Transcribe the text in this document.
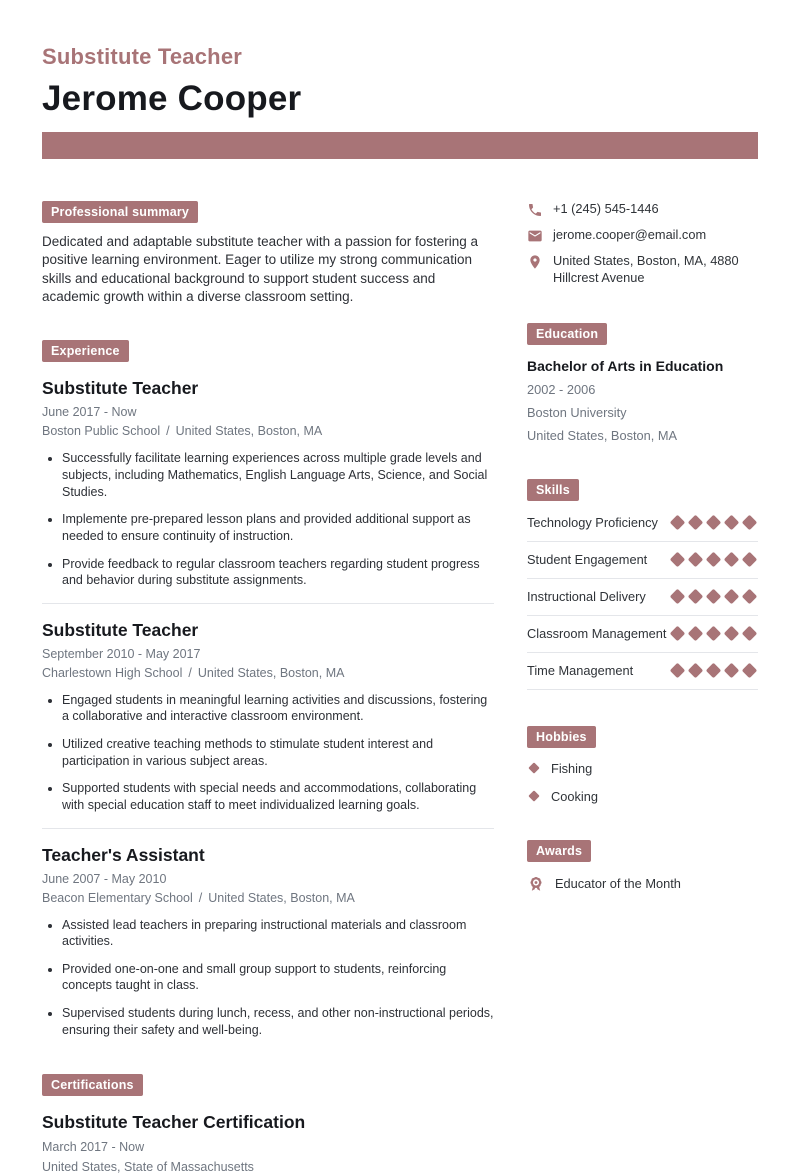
Substitute Teacher
Jerome Cooper
Professional summary

Dedicated and adaptable substitute teacher with a passion for fostering a positive learning environment. Eager to utilize my strong communication skills and educational background to support student success and academic growth within a diverse classroom setting.

Experience
Substitute Teacher
June 2017 - Now
Boston Public School / United States, Boston, MA
• Successfully facilitate learning experiences across multiple grade levels and subjects, including Mathematics, English Language Arts, Science, and Social Studies.
• Implemente pre-prepared lesson plans and provided additional support as needed to ensure continuity of instruction.
• Provide feedback to regular classroom teachers regarding student progress and behavior during substitute assignments.
Substitute Teacher
September 2010 - May 2017
Charlestown High School / United States, Boston, MA
• Engaged students in meaningful learning activities and discussions, fostering a collaborative and interactive classroom environment.
• Utilized creative teaching methods to stimulate student interest and participation in various subject areas.
• Supported students with special needs and accommodations, collaborating with special education staff to meet individualized learning goals.
Teacher's Assistant
June 2007 - May 2010
Beacon Elementary School / United States, Boston, MA
• Assisted lead teachers in preparing instructional materials and classroom activities.
• Provided one-on-one and small group support to students, reinforcing concepts taught in class.
• Supervised students during lunch, recess, and other non-instructional periods, ensuring their safety and well-being.
Certifications
Substitute Teacher Certification
March 2017 - Now
United States, State of Massachusetts
+1 (245) 545-1446
jerome.cooper@email.com
United States, Boston, MA, 4880 Hillcrest Avenue
Education
Bachelor of Arts in Education
2002 - 2006
Boston University
United States, Boston, MA
Skills
Technology Proficiency
Student Engagement
Instructional Delivery
Classroom Management
Time Management
Hobbies
Fishing
Cooking
Awards
Educator of the Month
